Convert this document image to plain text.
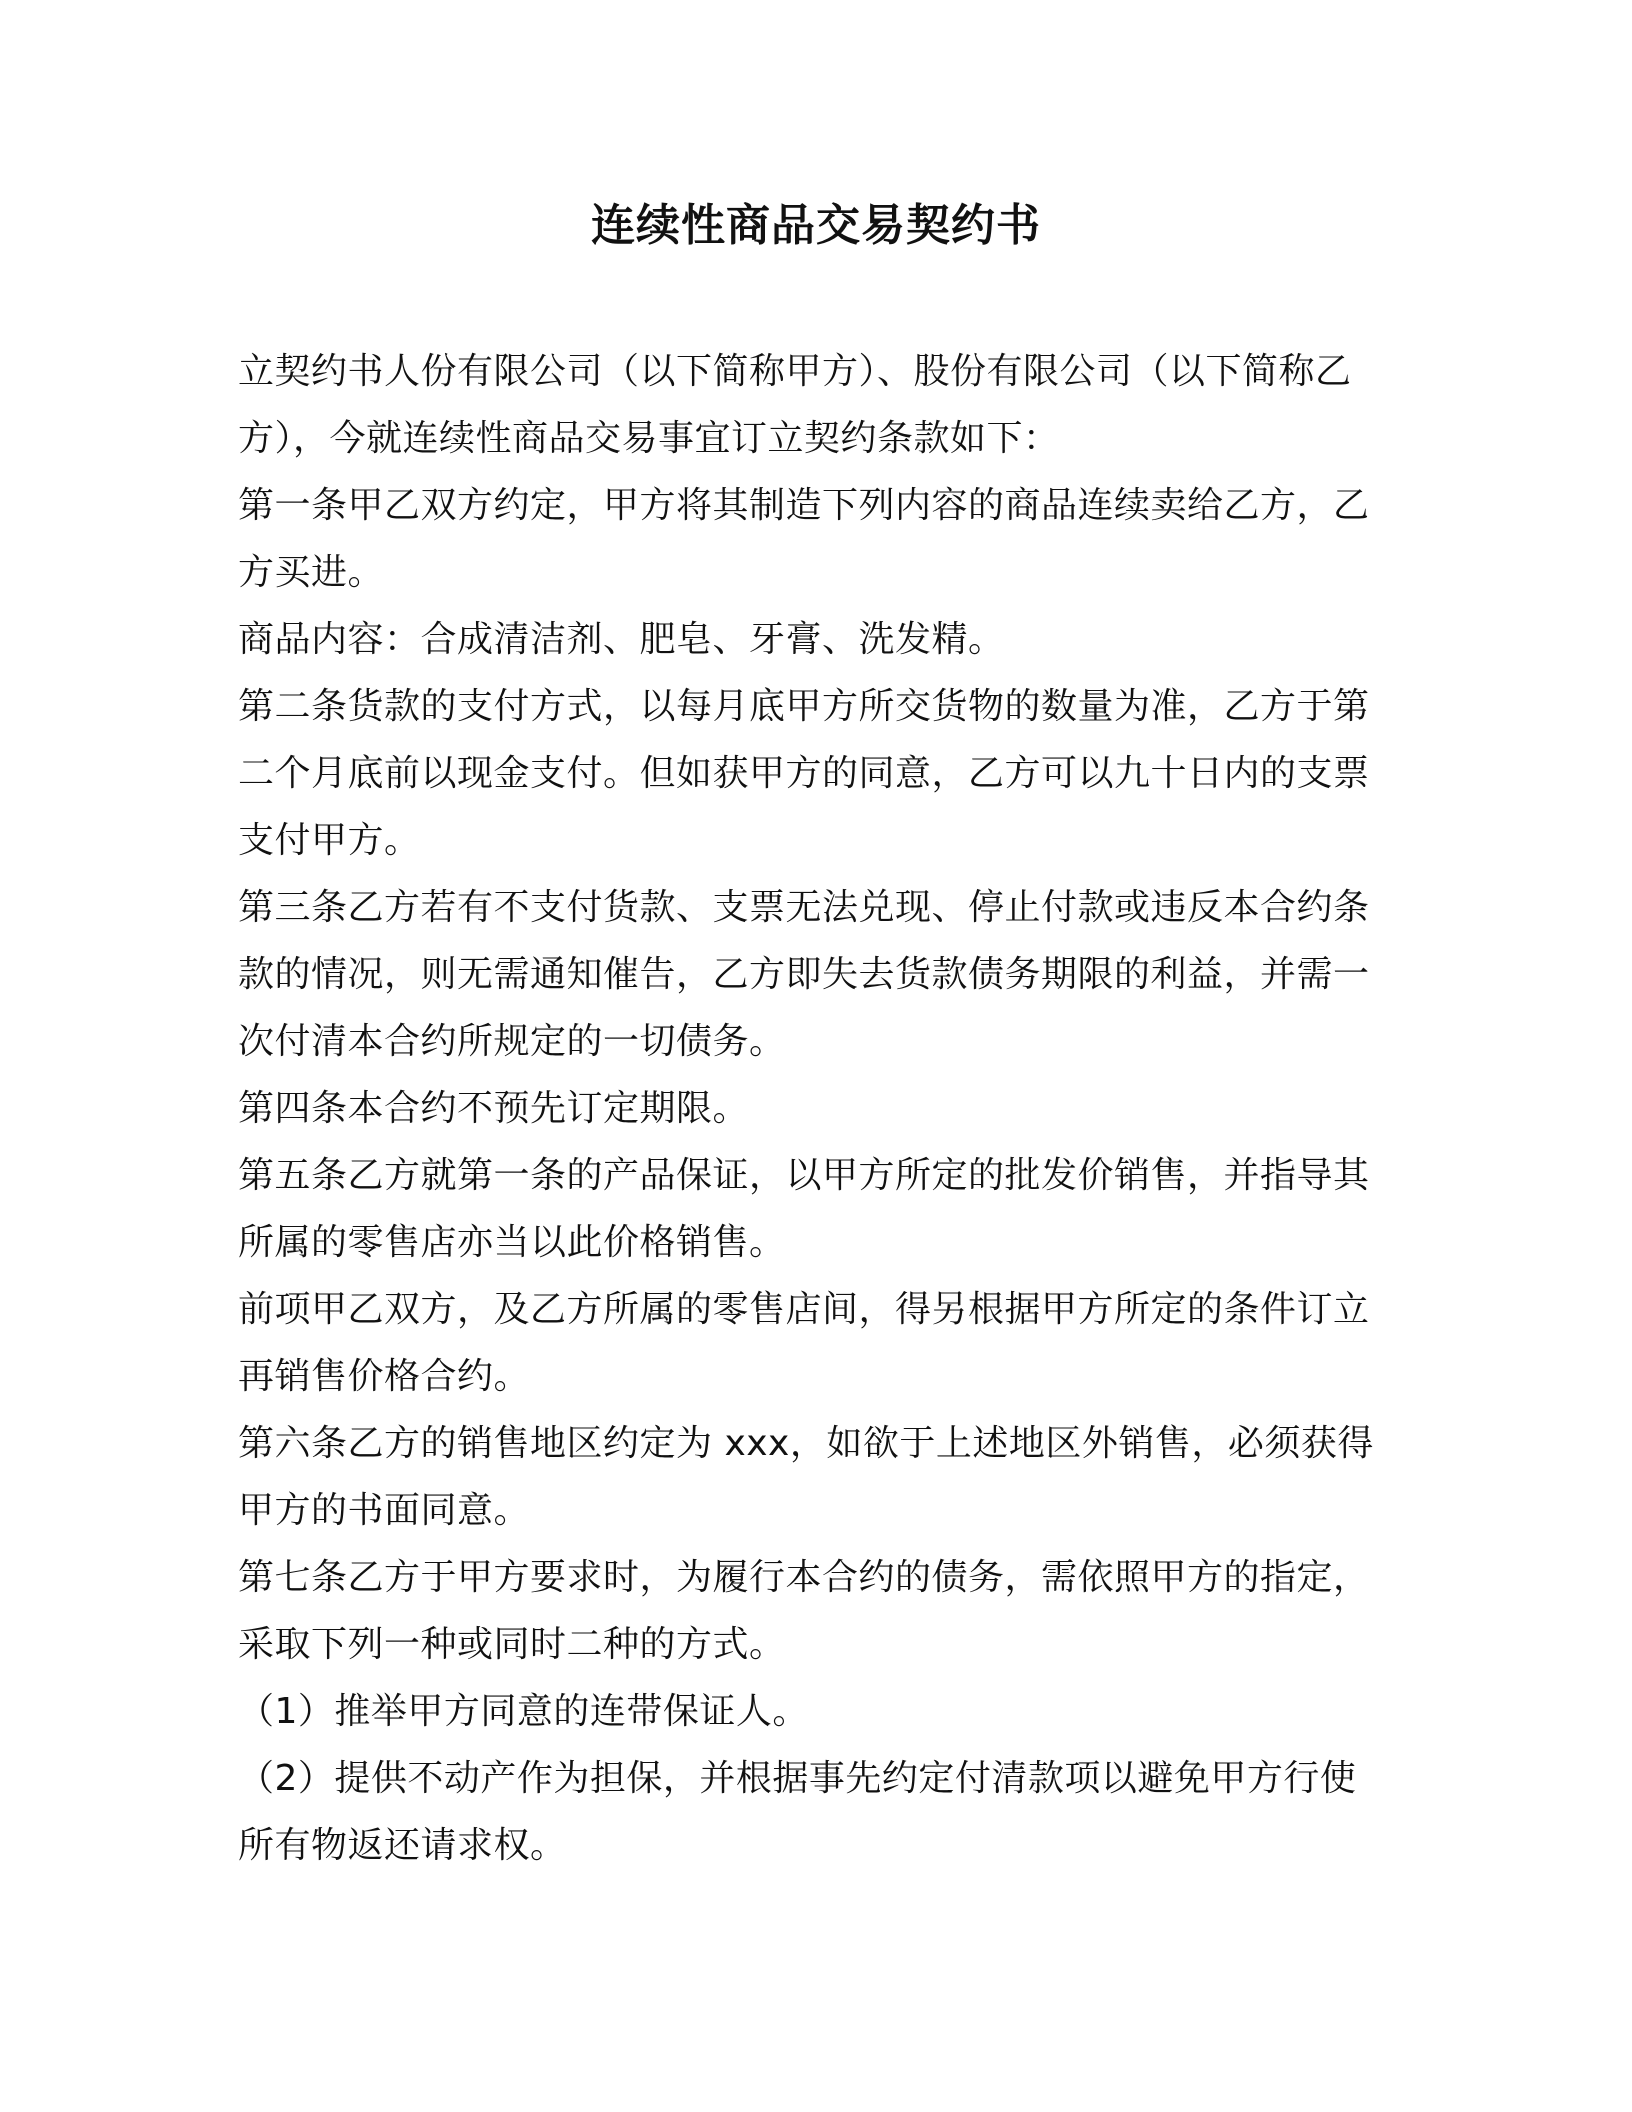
连续性商品交易契约书

立契约书人份有限公司（以下简称甲方）、股份有限公司（以下简称乙方），今就连续性商品交易事宜订立契约条款如下：

第一条甲乙双方约定，甲方将其制造下列内容的商品连续卖给乙方，乙方买进。

商品内容：合成清洁剂、肥皂、牙膏、洗发精。

第二条货款的支付方式，以每月底甲方所交货物的数量为准，乙方于第二个月底前以现金支付。但如获甲方的同意，乙方可以九十日内的支票支付甲方。

第三条乙方若有不支付货款、支票无法兑现、停止付款或违反本合约条款的情况，则无需通知催告，乙方即失去货款债务期限的利益，并需一次付清本合约所规定的一切债务。

第四条本合约不预先订定期限。

第五条乙方就第一条的产品保证，以甲方所定的批发价销售，并指导其所属的零售店亦当以此价格销售。

前项甲乙双方，及乙方所属的零售店间，得另根据甲方所定的条件订立再销售价格合约。

第六条乙方的销售地区约定为 xxx，如欲于上述地区外销售，必须获得甲方的书面同意。

第七条乙方于甲方要求时，为履行本合约的债务，需依照甲方的指定，采取下列一种或同时二种的方式。

（1）推举甲方同意的连带保证人。

（2）提供不动产作为担保，并根据事先约定付清款项以避免甲方行使所有物返还请求权。
